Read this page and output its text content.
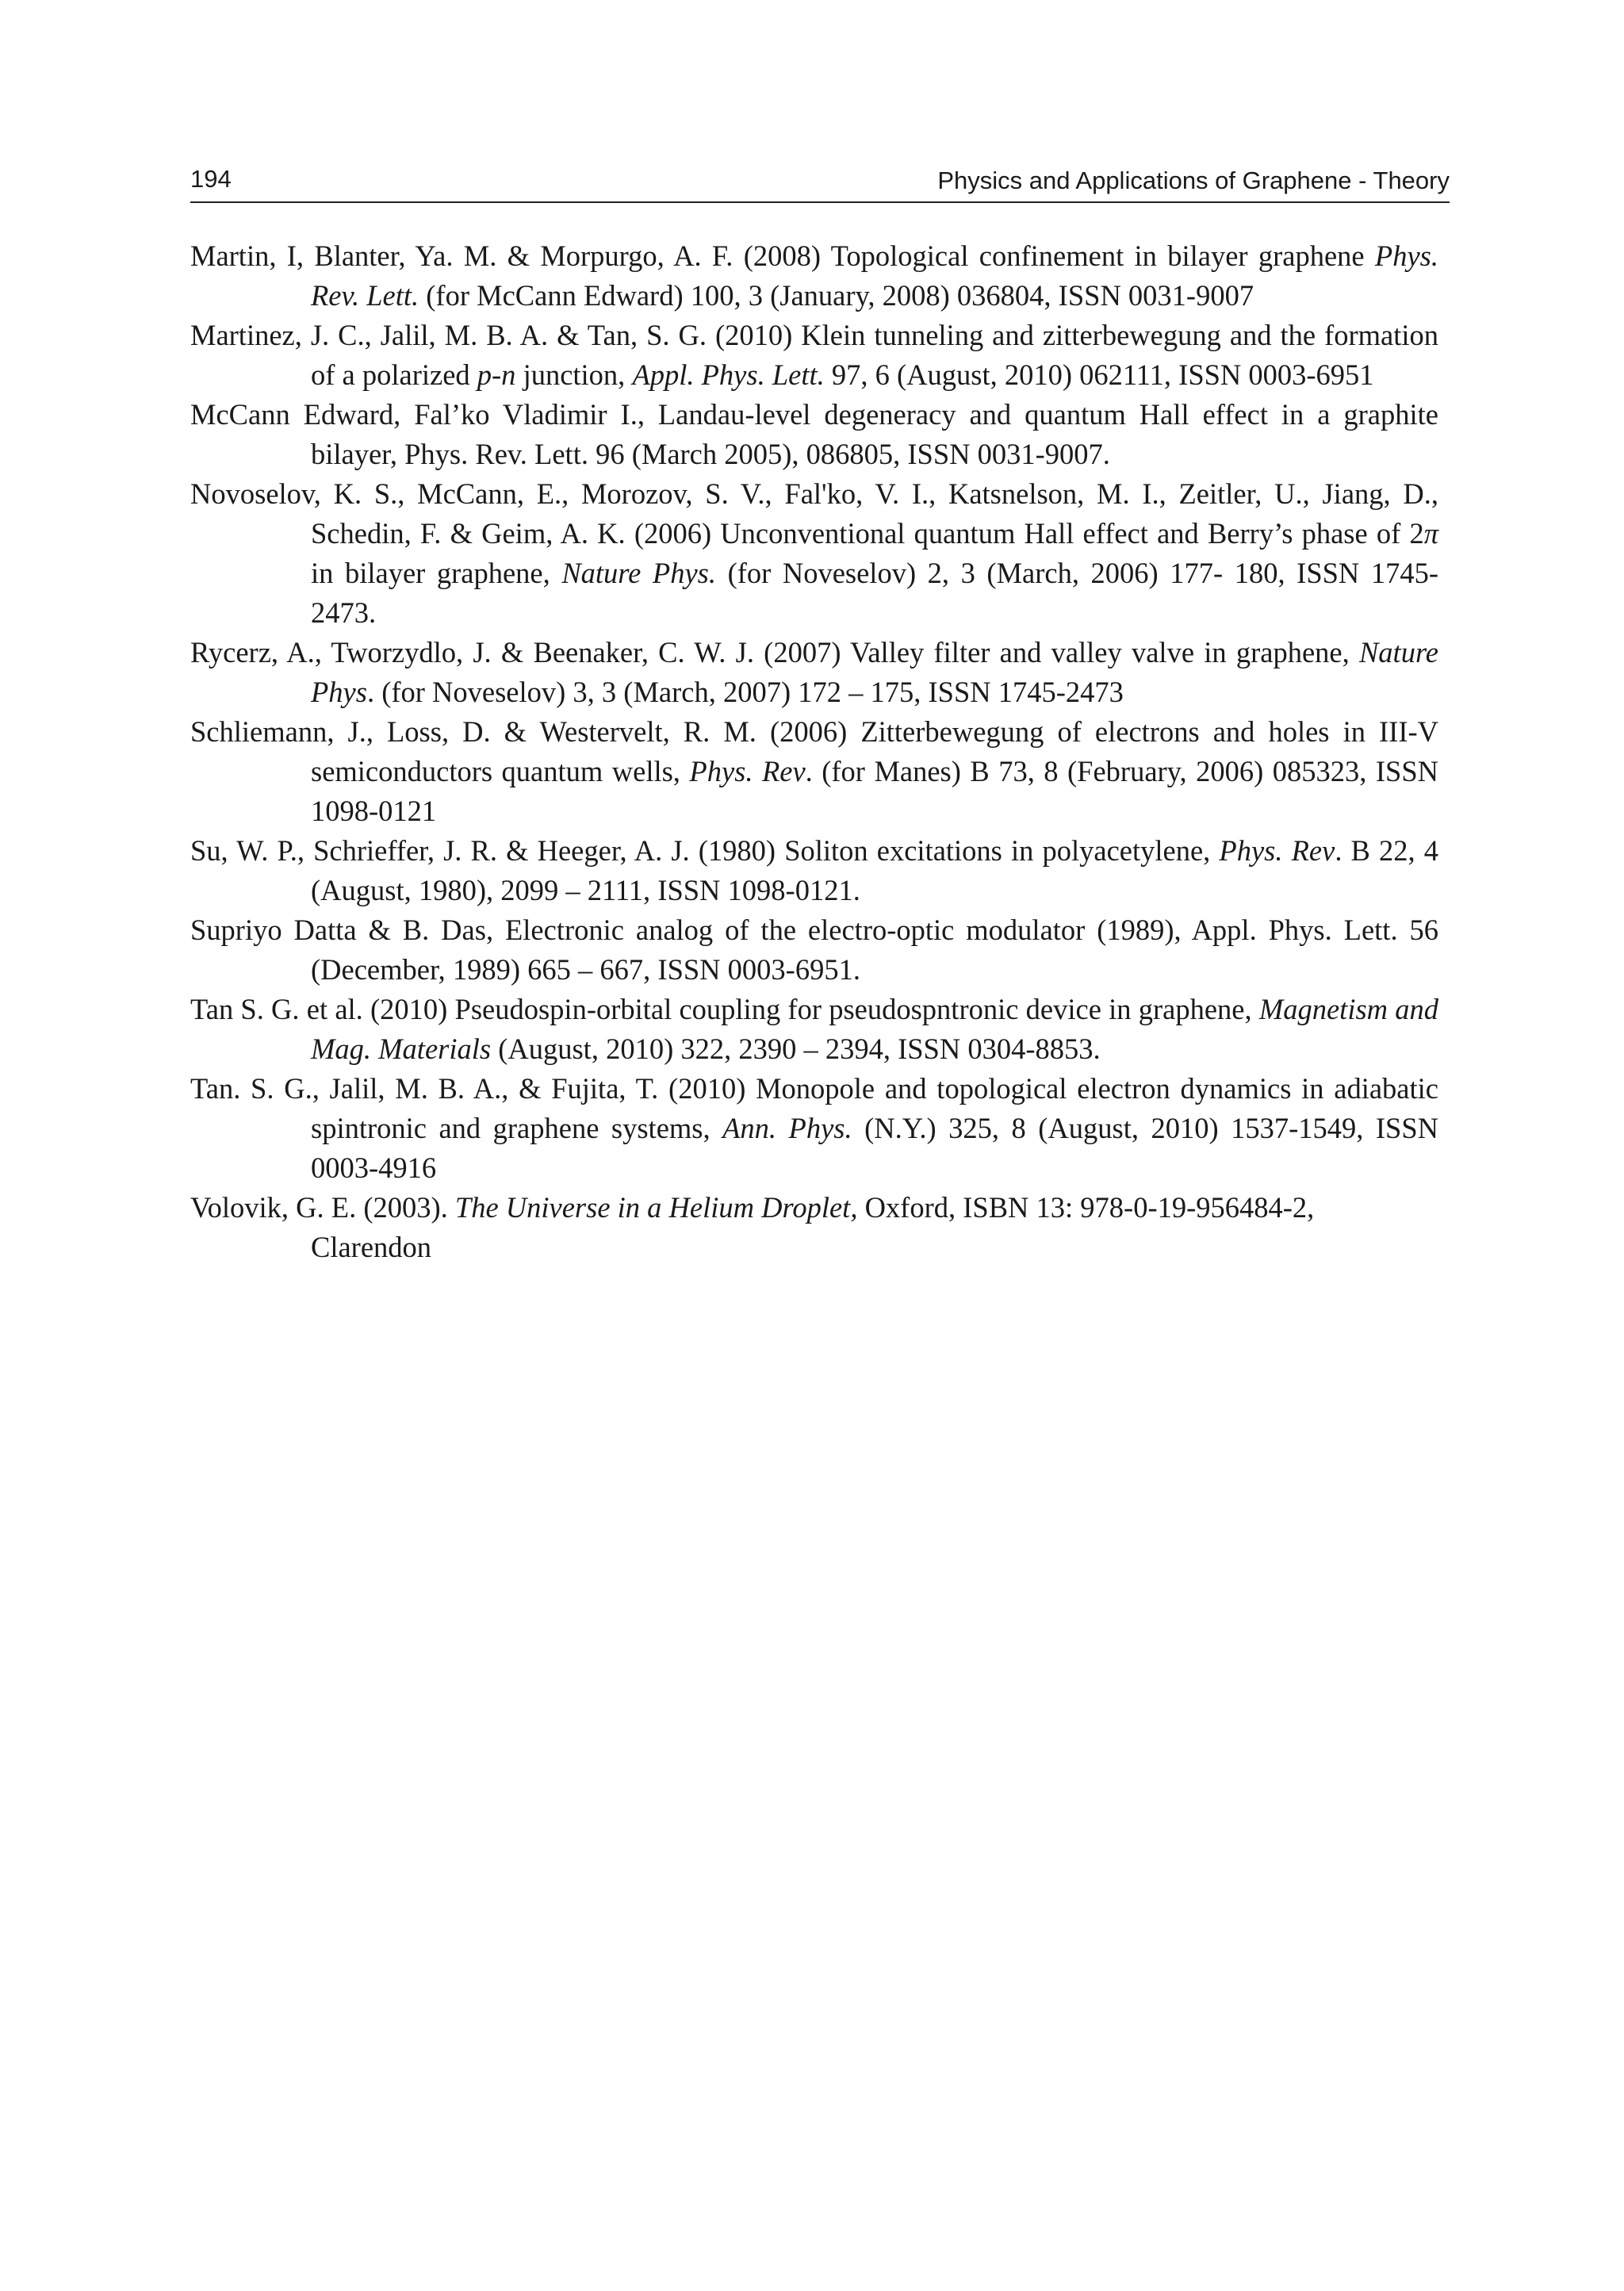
194	Physics and Applications of Graphene - Theory

Martin, I, Blanter, Ya. M. & Morpurgo, A. F. (2008) Topological confinement in bilayer graphene Phys. Rev. Lett. (for McCann Edward) 100, 3 (January, 2008) 036804, ISSN 0031-9007

Martinez, J. C., Jalil, M. B. A. & Tan, S. G. (2010) Klein tunneling and zitterbewegung and the formation of a polarized p-n junction, Appl. Phys. Lett. 97, 6 (August, 2010) 062111, ISSN 0003-6951

McCann Edward, Fal’ko Vladimir I., Landau-level degeneracy and quantum Hall effect in a graphite bilayer, Phys. Rev. Lett. 96 (March 2005), 086805, ISSN 0031-9007.

Novoselov, K. S., McCann, E., Morozov, S. V., Fal'ko, V. I., Katsnelson, M. I., Zeitler, U., Jiang, D., Schedin, F. & Geim, A. K. (2006) Unconventional quantum Hall effect and Berry’s phase of 2π in bilayer graphene, Nature Phys. (for Noveselov) 2, 3 (March, 2006) 177- 180, ISSN 1745-2473.

Rycerz, A., Tworzydlo, J. & Beenaker, C. W. J. (2007) Valley filter and valley valve in graphene, Nature Phys. (for Noveselov) 3, 3 (March, 2007) 172 – 175, ISSN 1745-2473

Schliemann, J., Loss, D. & Westervelt, R. M. (2006) Zitterbewegung of electrons and holes in III-V semiconductors quantum wells, Phys. Rev. (for Manes) B 73, 8 (February, 2006) 085323, ISSN 1098-0121

Su, W. P., Schrieffer, J. R. & Heeger, A. J. (1980) Soliton excitations in polyacetylene, Phys. Rev. B 22, 4 (August, 1980), 2099 – 2111, ISSN 1098-0121.

Supriyo Datta & B. Das, Electronic analog of the electro-optic modulator (1989), Appl. Phys. Lett. 56 (December, 1989) 665 – 667, ISSN 0003-6951.

Tan S. G. et al. (2010) Pseudospin-orbital coupling for pseudospntronic device in graphene, Magnetism and Mag. Materials (August, 2010) 322, 2390 – 2394, ISSN 0304-8853.

Tan. S. G., Jalil, M. B. A., & Fujita, T. (2010) Monopole and topological electron dynamics in adiabatic spintronic and graphene systems, Ann. Phys. (N.Y.) 325, 8 (August, 2010) 1537-1549, ISSN 0003-4916

Volovik, G. E. (2003). The Universe in a Helium Droplet, Oxford, ISBN 13: 978-0-19-956484-2, Clarendon
